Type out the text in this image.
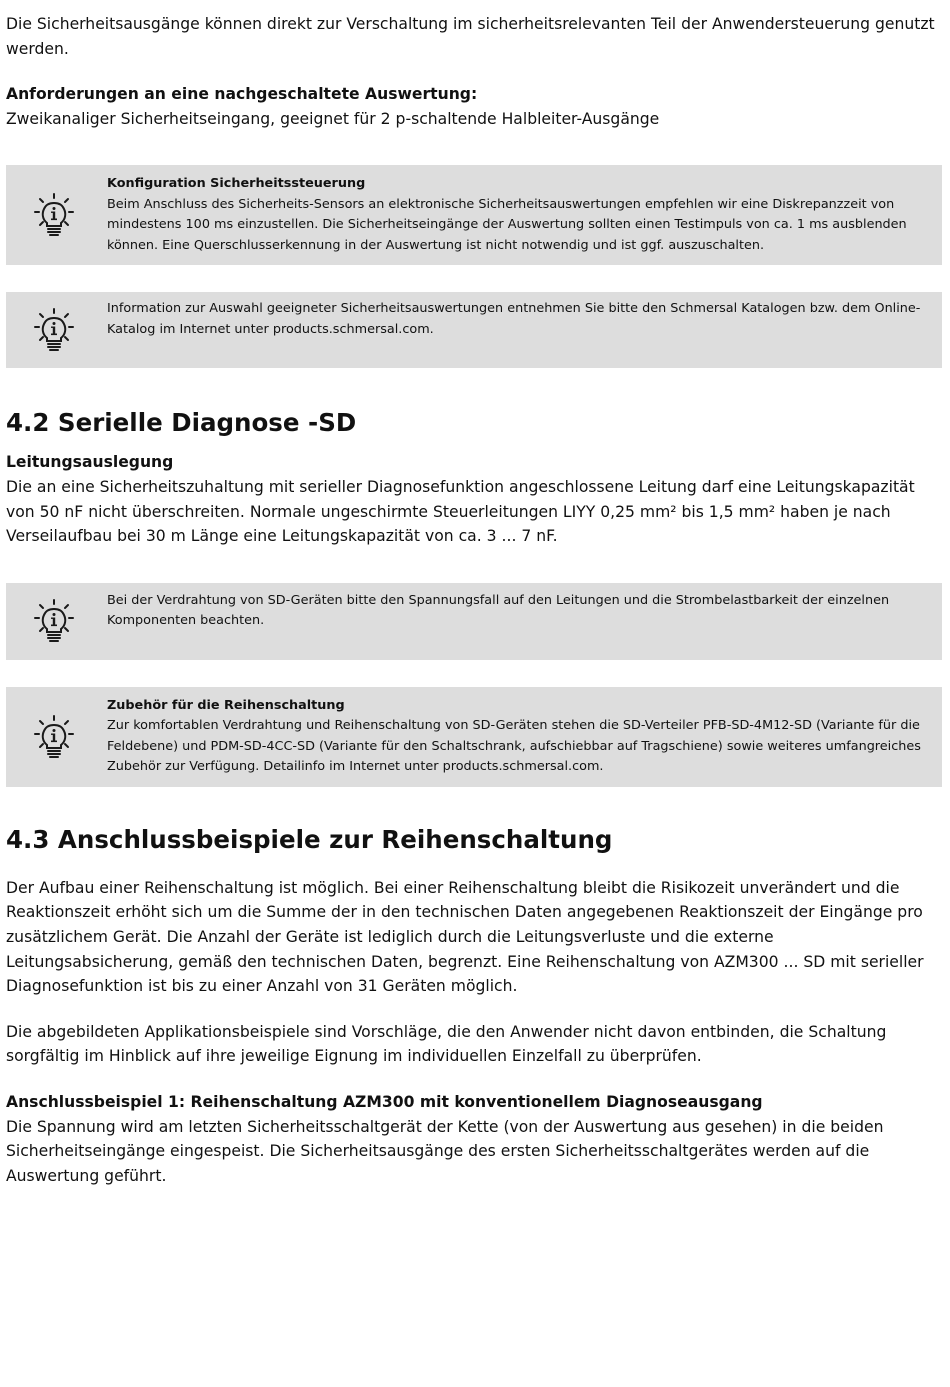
Die Sicherheitsausgänge können direkt zur Verschaltung im sicherheitsrelevanten Teil der Anwendersteuerung genutzt werden.

Anforderungen an eine nachgeschaltete Auswertung:

Zweikanaliger Sicherheitseingang, geeignet für 2 p-schaltende Halbleiter-Ausgänge

Konfiguration Sicherheitssteuerung

Beim Anschluss des Sicherheits-Sensors an elektronische Sicherheitsauswertungen empfehlen wir eine Diskrepanzzeit von mindestens 100 ms einzustellen. Die Sicherheitseingänge der Auswertung sollten einen Testimpuls von ca. 1 ms ausblenden können. Eine Querschlusserkennung in der Auswertung ist nicht notwendig und ist ggf. auszuschalten.

Information zur Auswahl geeigneter Sicherheitsauswertungen entnehmen Sie bitte den Schmersal Katalogen bzw. dem Online-Katalog im Internet unter products.schmersal.com.

4.2 Serielle Diagnose -SD

Leitungsauslegung

Die an eine Sicherheitszuhaltung mit serieller Diagnosefunktion angeschlossene Leitung darf eine Leitungskapazität von 50 nF nicht überschreiten. Normale ungeschirmte Steuerleitungen LIYY 0,25 mm² bis 1,5 mm² haben je nach Verseilaufbau bei 30 m Länge eine Leitungskapazität von ca. 3 ... 7 nF.

Bei der Verdrahtung von SD-Geräten bitte den Spannungsfall auf den Leitungen und die Strombelastbarkeit der einzelnen Komponenten beachten.

Zubehör für die Reihenschaltung

Zur komfortablen Verdrahtung und Reihenschaltung von SD-Geräten stehen die SD-Verteiler PFB-SD-4M12-SD (Variante für die Feldebene) und PDM-SD-4CC-SD (Variante für den Schaltschrank, aufschiebbar auf Tragschiene) sowie weiteres umfangreiches Zubehör zur Verfügung. Detailinfo im Internet unter products.schmersal.com.

4.3 Anschlussbeispiele zur Reihenschaltung

Der Aufbau einer Reihenschaltung ist möglich. Bei einer Reihenschaltung bleibt die Risikozeit unverändert und die Reaktionszeit erhöht sich um die Summe der in den technischen Daten angegebenen Reaktionszeit der Eingänge pro zusätzlichem Gerät. Die Anzahl der Geräte ist lediglich durch die Leitungsverluste und die externe Leitungsabsicherung, gemäß den technischen Daten, begrenzt. Eine Reihenschaltung von AZM300 ... SD mit serieller Diagnosefunktion ist bis zu einer Anzahl von 31 Geräten möglich.

Die abgebildeten Applikationsbeispiele sind Vorschläge, die den Anwender nicht davon entbinden, die Schaltung sorgfältig im Hinblick auf ihre jeweilige Eignung im individuellen Einzelfall zu überprüfen.

Anschlussbeispiel 1: Reihenschaltung AZM300 mit konventionellem Diagnoseausgang

Die Spannung wird am letzten Sicherheitsschaltgerät der Kette (von der Auswertung aus gesehen) in die beiden Sicherheitseingänge eingespeist. Die Sicherheitsausgänge des ersten Sicherheitsschaltgerätes werden auf die Auswertung geführt.
